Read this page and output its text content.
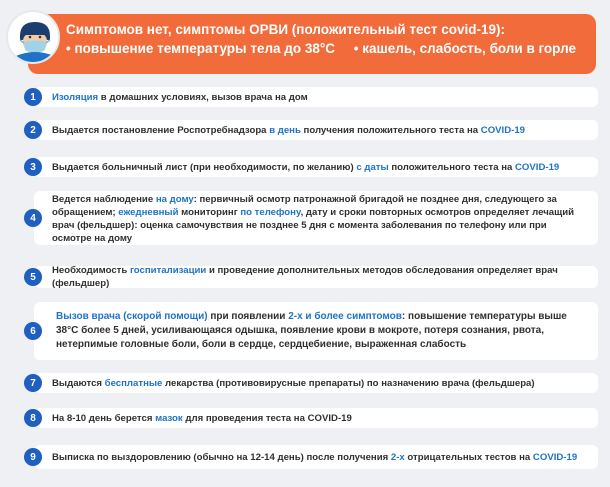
Симптомов нет, симптомы ОРВИ (положительный тест covid-19):
• повышение температуры тела до 38°С • кашель, слабость, боли в горле
Изоляция в домашних условиях, вызов врача на дом
1
Выдается постановление Роспотребнадзора в день получения положительного теста на COVID-19
2
Выдается больничный лист (при необходимости, по желанию) с даты положительного теста на COVID-19
3
Ведется наблюдение на дому: первичный осмотр патронажной бригадой не позднее дня, следующего за обращением; ежедневный мониторинг по телефону, дату и сроки повторных осмотров определяет лечащий врач (фельдшер): оценка самочувствия не позднее 5 дня с момента заболевания по телефону или при осмотре на дому
4
Необходимость госпитализации и проведение дополнительных методов обследования определяет врач (фельдшер)
5
Вызов врача (скорой помощи) при появлении 2-х и более симптомов: повышение температуры выше 38°С более 5 дней, усиливающаяся одышка, появление крови в мокроте, потеря сознания, рвота, нетерпимые головные боли, боли в сердце, сердцебиение, выраженная слабость
6
Выдаются бесплатные лекарства (противовирусные препараты) по назначению врача (фельдшера)
7
На 8-10 день берется мазок для проведения теста на COVID-19
8
Выписка по выздоровлению (обычно на 12-14 день) после получения 2-х отрицательных тестов на COVID-19
9
